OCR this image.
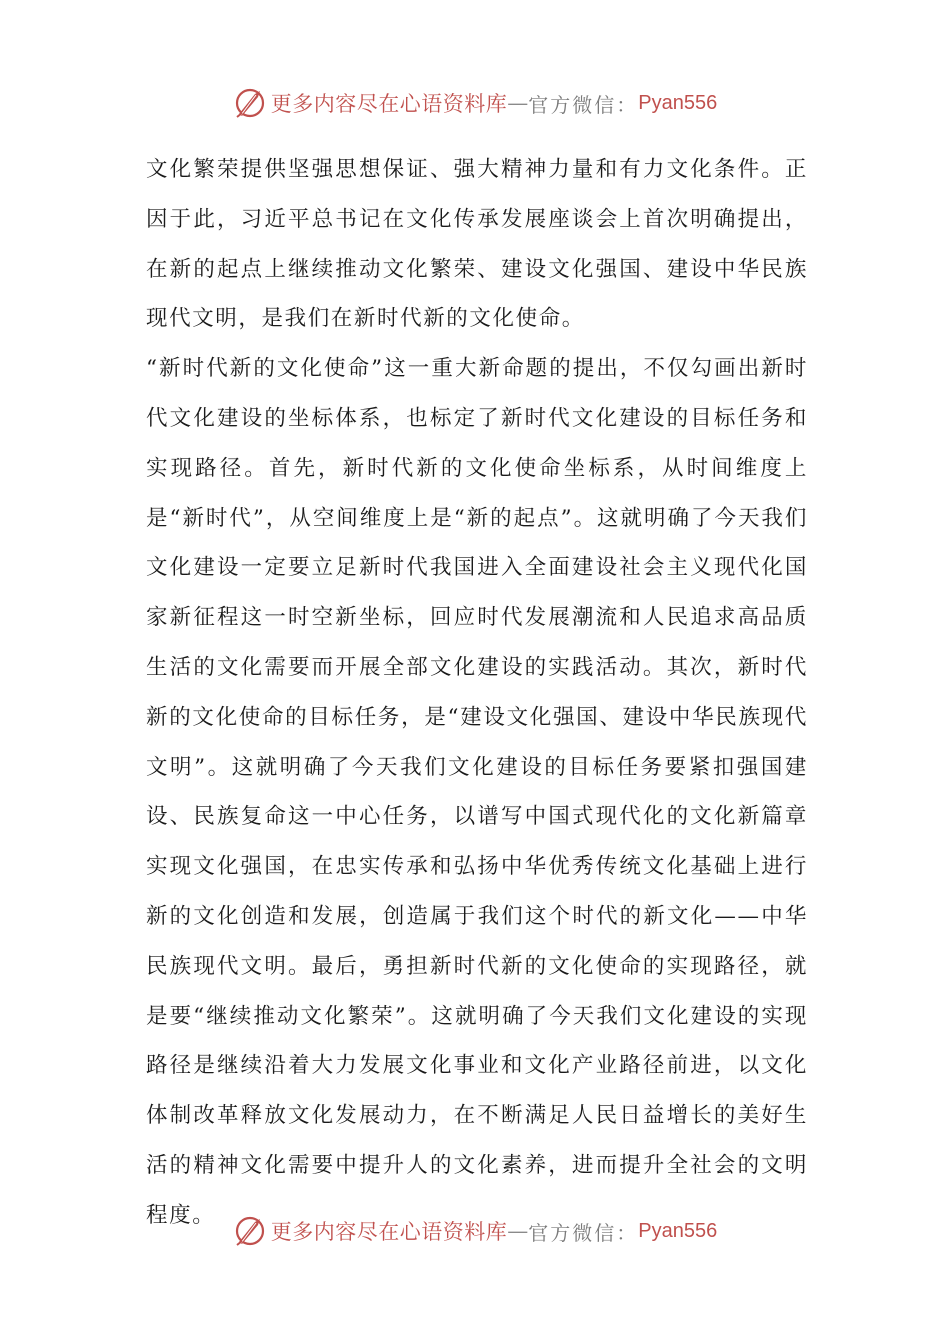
更多内容尽在心语资料库 — 官方微信： Pyan556

文化繁荣提供坚强思想保证、强大精神力量和有力文化条件。正因于此，习近平总书记在文化传承发展座谈会上首次明确提出，在新的起点上继续推动文化繁荣、建设文化强国、建设中华民族现代文明，是我们在新时代新的文化使命。

“新时代新的文化使命”这一重大新命题的提出，不仅勾画出新时代文化建设的坐标体系，也标定了新时代文化建设的目标任务和实现路径。首先，新时代新的文化使命坐标系，从时间维度上是“新时代”，从空间维度上是“新的起点”。这就明确了今天我们文化建设一定要立足新时代我国进入全面建设社会主义现代化国家新征程这一时空新坐标，回应时代发展潮流和人民追求高品质生活的文化需要而开展全部文化建设的实践活动。其次，新时代新的文化使命的目标任务，是“建设文化强国、建设中华民族现代文明”。这就明确了今天我们文化建设的目标任务要紧扣强国建设、民族复命这一中心任务，以谱写中国式现代化的文化新篇章实现文化强国，在忠实传承和弘扬中华优秀传统文化基础上进行新的文化创造和发展，创造属于我们这个时代的新文化——中华民族现代文明。最后，勇担新时代新的文化使命的实现路径，就是要“继续推动文化繁荣”。这就明确了今天我们文化建设的实现路径是继续沿着大力发展文化事业和文化产业路径前进，以文化体制改革释放文化发展动力，在不断满足人民日益增长的美好生活的精神文化需要中提升人的文化素养，进而提升全社会的文明程度。

更多内容尽在心语资料库 — 官方微信： Pyan556
